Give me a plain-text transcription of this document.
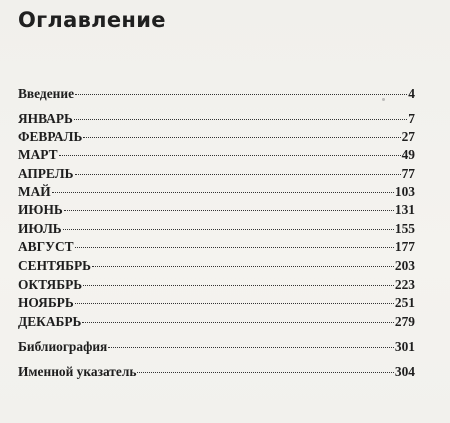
Оглавление
Введение	4
ЯНВАРЬ	7
ФЕВРАЛЬ	27
МАРТ	49
АПРЕЛЬ	77
МАЙ	103
ИЮНЬ	131
ИЮЛЬ	155
АВГУСТ	177
СЕНТЯБРЬ	203
ОКТЯБРЬ	223
НОЯБРЬ	251
ДЕКАБРЬ	279
Библиография	301
Именной указатель	304
